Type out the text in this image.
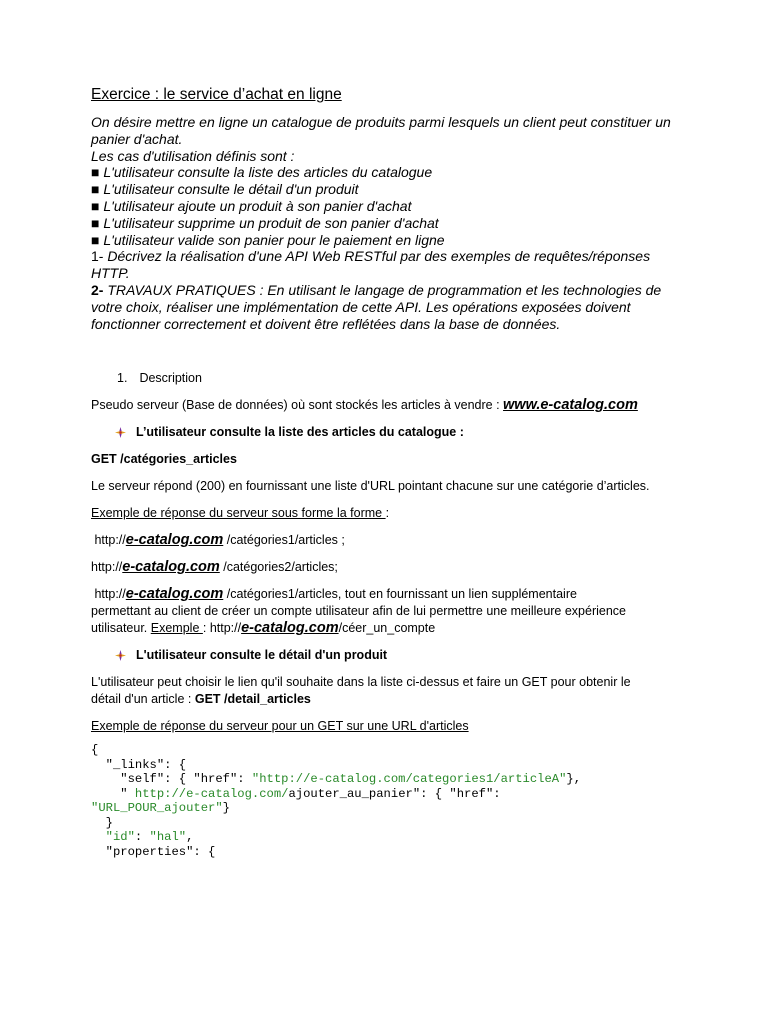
Exercice : le service d’achat en ligne
On désire mettre en ligne un catalogue de produits parmi lesquels un client peut constituer un
panier d'achat.
Les cas d'utilisation définis sont :
■ L'utilisateur consulte la liste des articles du catalogue
■ L'utilisateur consulte le détail d'un produit
■ L'utilisateur ajoute un produit à son panier d'achat
■ L'utilisateur supprime un produit de son panier d'achat
■ L'utilisateur valide son panier pour le paiement en ligne
1- Décrivez la réalisation d'une API Web RESTful par des exemples de requêtes/réponses
HTTP.
2- TRAVAUX PRATIQUES : En utilisant le langage de programmation et les technologies de
votre choix, réaliser une implémentation de cette API. Les opérations exposées doivent
fonctionner correctement et doivent être reflétées dans la base de données.
1. Description
Pseudo serveur (Base de données) où sont stockés les articles à vendre : www.e-catalog.com
L’utilisateur consulte la liste des articles du catalogue :
GET /catégories_articles
Le serveur répond (200) en fournissant une liste d'URL pointant chacune sur une catégorie d’articles.
Exemple de réponse du serveur sous forme la forme :
http://e-catalog.com /catégories1/articles ;
http://e-catalog.com /catégories2/articles;
http://e-catalog.com /catégories1/articles, tout en fournissant un lien supplémentaire
permettant au client de créer un compte utilisateur afin de lui permettre une meilleure expérience
utilisateur. Exemple : http://e-catalog.com/céer_un_compte
L'utilisateur consulte le détail d'un produit
L'utilisateur peut choisir le lien qu'il souhaite dans la liste ci-dessus et faire un GET pour obtenir le
détail d'un article : GET /detail_articles
Exemple de réponse du serveur pour un GET sur une URL d'articles
{
"_links": {
"self": { "href": "http://e-catalog.com/categories1/articleA"},
" http://e-catalog.com/ajouter_au_panier": { "href":
"URL_POUR_ajouter"}
}
"id": "hal",
"properties": {
